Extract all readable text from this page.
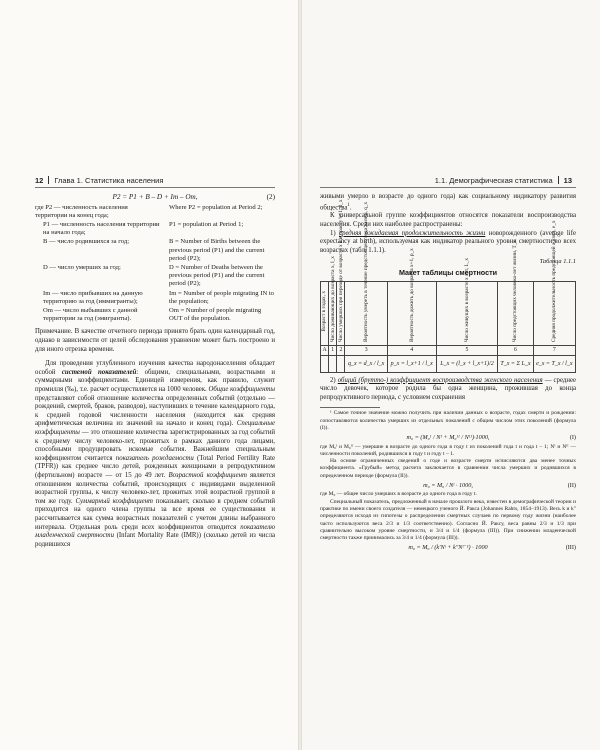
12 Глава 1. Статистика населения	1.1. Демографическая статистика 13
P2 = P1 + B – D + Im – Om,	(2)
где P2 — численность населения территории на конец года;	Where P2 = population at Period 2;
P1 — численность населения территории на начало года;	P1 = population at Period 1;
B — число родившихся за год;	B = Number of Births between the previous period (P1) and the current period (P2);
D — число умерших за год;	D = Number of Deaths between the previous period (P1) and the current period (P2);
Im — число прибывших на данную территорию за год (иммигранты);	Im = Number of people migrating IN to the population;
Om — число выбывших с данной территории за год (эмигранты).	Om = Number of people migrating OUT of the population.

Примечание. В качестве отчетного периода принято брать один календарный год, однако в зависимости от целей обследования уравнение может быть построено и для иного отрезка времени.

Для проведения углубленного изучения качества народонаселения обладает особой системой показателей: общими, специальными, возрастными и суммарными коэффициентами. Единицей измерения, как правило, служит промилля (‰), т.е. расчет осуществляется на 1000 человек. Общие коэффициенты представляют собой отношение количества определенных событий (отдельно — рождений, смертей, браков, разводов), наступивших в течение календарного года, к средней годовой численности населения (находится как средняя арифметическая величина из значений на начало и конец года). Специальные коэффициенты — это отношение количества зарегистрированных за год событий к среднему числу человеко-лет, прожитых в рамках данного года лицами, способными продуцировать искомые события. Важнейшим специальным коэффициентом считается показатель рождаемости (Total Period Fertility Rate (TPFR)) как среднее число детей, рожденных женщинами в репродуктивном (фертильном) возрасте — от 15 до 49 лет. Возрастной коэффициент является отношением количества событий, происходящих с индивидами выделенной возрастной группы, к числу человеко-лет, прожитых этой возрастной группой в том же году. Суммарный коэффициент показывает, сколько в среднем событий приходится на одного члена группы за все время ее существования и рассчитывается как сумма возрастных показателей с учетом длины выбранного интервала. Отдельная роль среди всех коэффициентов отводится показателю младенческой смертности (Infant Mortality Rate (IMR)) (сколько детей из числа родившихся

живыми умерло в возрасте до одного года) как социальному индикатору развития общества$^1$.

К универсальной группе коэффициентов относятся показатели воспроизводства населения. Среди них наиболее распространены:

1) средняя ожидаемая продолжительность жизни новорожденного (average life expectancy at birth), используемая как индикатор реального уровня смертности во всех возрастах (табл. 1.1.1).

Таблица 1.1.1
Макет таблицы смертности
Возраст в годах, x	Число доживающих до возраста x, l_x	Число умерших при переходе от возраста x к возрасту x+1, d_x	Вероятность умереть в течение предстоящего года жизни, q_x	Вероятность дожить до возраста x+1, p_x	Число живущих в возрасте x лет, L_x	Число предстоящих человеко-лет жизни, T_x	Средняя продолжительность предстоящей жизни, e_x
А	1	2	3	4	5	6	7
			q_x = d_x / l_x	p_x = l_x+1 / l_x	L_x = (l_x + l_x+1)/2	T_x = Σ L_x	e_x = T_x / l_x

2) общий (брутто-) коэффициент воспроизводства женского населения — среднее число девочек, которое родила бы одна женщина, прожившая до конца репродуктивного периода, с условием сохранения

¹ Самое точное значение можно получить при наличии данных о возрасте, годах смерти и рождении: сопоставляются количества умерших из отдельных поколений с общим числом этих поколений (формула (I)).

m₀ = (M₀ᴵ / Nᴵ + M₀ᴵᴵ / Nᴵᴵ)·1000,	(I)

где M₀ᴵ и M₀ᴵᴵ — умершие в возрасте до одного года в году t из поколений года t и года t – 1; Nᴵ и Nᴵᴵ — численности поколений, родившихся в году t и году t – 1.

На основе ограниченных сведений о годе и возрасте смерти исчисляются два менее точных коэффициента. «Грубый» метод расчета заключается в сравнении числа умерших и родившихся в определенном периоде (формула (II)).

m₀ = M₀ / Nᵗ · 1000,	(II)

где M₀ — общее число умерших в возрасте до одного года в году t.

Специальный показатель, предложенный в начале прошлого века, известен в демографической теории и практике по имени своего создателя — немецкого ученого Й. Ракса (Johannes Rahts, 1854–1913). Весь k и k″ определяются исходя из гипотезы о распределении смертных случаев по первому году жизни (наиболее часто используются веса 2/3 и 1/3 соответственно). Согласно Й. Раксу, веса равны 2/3 и 1/3 при сравнительно высоком уровне смертности, и 3/4 и 1/4 (формула (III)). При снижении младенческой смертности также принимались за 3/4 и 1/4 (формула (III)).

m₀ = M₀ / (k′Nᵗ + k″Nᵗ⁻¹) · 1000	(III)
